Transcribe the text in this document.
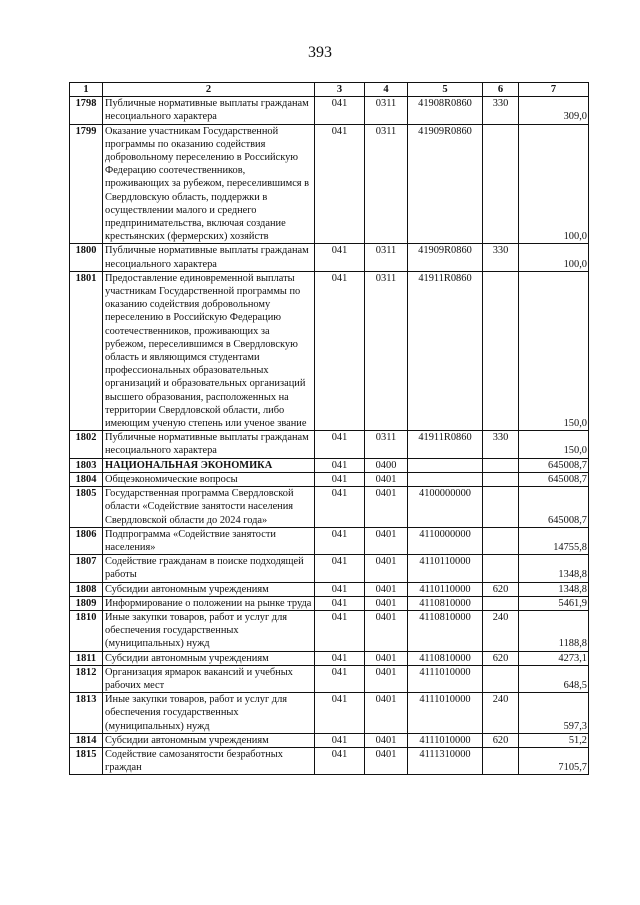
393
1	2	3	4	5	6	7
1798	Публичные нормативные выплаты гражданам несоциального характера	041	0311	41908R0860	330	309,0
1799	Оказание участникам Государственной программы по оказанию содействия добровольному переселению в Российскую Федерацию соотечественников, проживающих за рубежом, переселившимся в Свердловскую область, поддержки в осуществлении малого и среднего предпринимательства, включая создание крестьянских (фермерских) хозяйств	041	0311	41909R0860		100,0
1800	Публичные нормативные выплаты гражданам несоциального характера	041	0311	41909R0860	330	100,0
1801	Предоставление единовременной выплаты участникам Государственной программы по оказанию содействия добровольному переселению в Российскую Федерацию соотечественников, проживающих за рубежом, переселившимся в Свердловскую область и являющимся студентами профессиональных образовательных организаций и образовательных организаций высшего образования, расположенных на территории Свердловской области, либо имеющим ученую степень или ученое звание	041	0311	41911R0860		150,0
1802	Публичные нормативные выплаты гражданам несоциального характера	041	0311	41911R0860	330	150,0
1803	НАЦИОНАЛЬНАЯ ЭКОНОМИКА	041	0400			645008,7
1804	Общеэкономические вопросы	041	0401			645008,7
1805	Государственная программа Свердловской области «Содействие занятости населения Свердловской области до 2024 года»	041	0401	4100000000		645008,7
1806	Подпрограмма «Содействие занятости населения»	041	0401	4110000000		14755,8
1807	Содействие гражданам в поиске подходящей работы	041	0401	4110110000		1348,8
1808	Субсидии автономным учреждениям	041	0401	4110110000	620	1348,8
1809	Информирование о положении на рынке труда	041	0401	4110810000		5461,9
1810	Иные закупки товаров, работ и услуг для обеспечения государственных (муниципальных) нужд	041	0401	4110810000	240	1188,8
1811	Субсидии автономным учреждениям	041	0401	4110810000	620	4273,1
1812	Организация ярмарок вакансий и учебных рабочих мест	041	0401	4111010000		648,5
1813	Иные закупки товаров, работ и услуг для обеспечения государственных (муниципальных) нужд	041	0401	4111010000	240	597,3
1814	Субсидии автономным учреждениям	041	0401	4111010000	620	51,2
1815	Содействие самозанятости безработных граждан	041	0401	4111310000		7105,7
